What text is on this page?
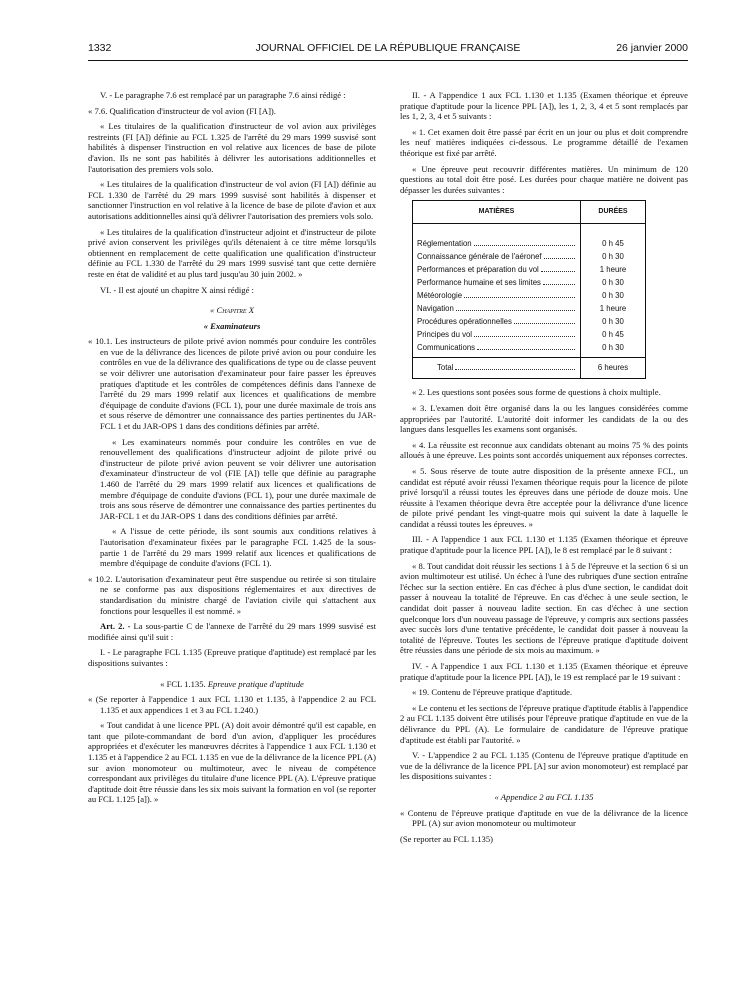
1332	JOURNAL OFFICIEL DE LA RÉPUBLIQUE FRANÇAISE	26 janvier 2000

V. - Le paragraphe 7.6 est remplacé par un paragraphe 7.6 ainsi rédigé :

« 7.6. Qualification d'instructeur de vol avion (FI [A]).

« Les titulaires de la qualification d'instructeur de vol avion aux privilèges restreints (FI [A]) définie au FCL 1.325 de l'arrêté du 29 mars 1999 susvisé sont habilités à dispenser l'instruction en vol relative aux licences de base de pilote d'avion. Ils ne sont pas habilités à délivrer les autorisations additionnelles et l'autorisation des premiers vols solo.

« Les titulaires de la qualification d'instructeur de vol avion (FI [A]) définie au FCL 1.330 de l'arrêté du 29 mars 1999 susvisé sont habilités à dispenser et sanctionner l'instruction en vol relative à la licence de base de pilote d'avion et aux autorisations additionnelles ainsi qu'à délivrer l'autorisation des premiers vols solo.

« Les titulaires de la qualification d'instructeur adjoint et d'instructeur de pilote privé avion conservent les privilèges qu'ils détenaient à ce titre même lorsqu'ils obtiennent en remplacement de cette qualification une qualification d'instructeur définie au FCL 1.330 de l'arrêté du 29 mars 1999 susvisé tant que cette dernière reste en état de validité et au plus tard jusqu'au 30 juin 2002. »

VI. - Il est ajouté un chapitre X ainsi rédigé :

« Chapitre X

« Examinateurs

« 10.1. Les instructeurs de pilote privé avion nommés pour conduire les contrôles en vue de la délivrance des licences de pilote privé avion ou pour conduire les contrôles en vue de la délivrance des qualifications de type ou de classe peuvent se voir délivrer une autorisation d'examinateur pour faire passer les épreuves pratiques d'aptitude et les contrôles de compétences définis dans l'annexe de l'arrêté du 29 mars 1999 relatif aux licences et qualifications de membre d'équipage de conduite d'avions (FCL 1), pour une durée maximale de trois ans et sous réserve de démontrer une connaissance des parties pertinentes du JAR-FCL 1 et du JAR-OPS 1 dans des conditions définies par arrêté.

« Les examinateurs nommés pour conduire les contrôles en vue de renouvellement des qualifications d'instructeur adjoint de pilote privé ou d'instructeur de pilote privé avion peuvent se voir délivrer une autorisation d'examinateur d'instructeur de vol (FIE [A]) telle que définie au paragraphe 1.460 de l'arrêté du 29 mars 1999 relatif aux licences et qualifications de membre d'équipage de conduite d'avions (FCL 1), pour une durée maximale de trois ans sous réserve de démontrer une connaissance des parties pertinentes du JAR-FCL 1 et du JAR-OPS 1 dans des conditions définies par arrêté.

« A l'issue de cette période, ils sont soumis aux conditions relatives à l'autorisation d'examinateur fixées par le paragraphe FCL 1.425 de la sous-partie 1 de l'arrêté du 29 mars 1999 relatif aux licences et qualifications de membre d'équipage de conduite d'avions (FCL 1).

« 10.2. L'autorisation d'examinateur peut être suspendue ou retirée si son titulaire ne se conforme pas aux dispositions réglementaires et aux directives de standardisation du ministre chargé de l'aviation civile qui s'attachent aux fonctions pour lesquelles il est nommé. »

Art. 2. - La sous-partie C de l'annexe de l'arrêté du 29 mars 1999 susvisé est modifiée ainsi qu'il suit :

I. - Le paragraphe FCL 1.135 (Epreuve pratique d'aptitude) est remplacé par les dispositions suivantes :

« FCL 1.135. Epreuve pratique d'aptitude

« (Se reporter à l'appendice 1 aux FCL 1.130 et 1.135, à l'appendice 2 au FCL 1.135 et aux appendices 1 et 3 au FCL 1.240.)

« Tout candidat à une licence PPL (A) doit avoir démontré qu'il est capable, en tant que pilote-commandant de bord d'un avion, d'appliquer les procédures appropriées et d'exécuter les manœuvres décrites à l'appendice 1 aux FCL 1.130 et 1.135 et à l'appendice 2 au FCL 1.135 en vue de la délivrance de la licence PPL (A) sur avion monomoteur ou multimoteur, avec le niveau de compétence correspondant aux privilèges du titulaire d'une licence PPL (A). L'épreuve pratique d'aptitude doit être réussie dans les six mois suivant la formation en vol (se reporter au FCL 1.125 [a]). »

II. - A l'appendice 1 aux FCL 1.130 et 1.135 (Examen théorique et épreuve pratique d'aptitude pour la licence PPL [A]), les 1, 2, 3, 4 et 5 sont remplacés par les 1, 2, 3, 4 et 5 suivants :

« 1. Cet examen doit être passé par écrit en un jour ou plus et doit comprendre les neuf matières indiquées ci-dessous. Le programme détaillé de l'examen théorique est fixé par arrêté.

« Une épreuve peut recouvrir différentes matières. Un minimum de 120 questions au total doit être posé. Les durées pour chaque matière ne doivent pas dépasser les durées suivantes :

MATIÈRES	DURÉES

Réglementation	0 h 45

Connaissance générale de l'aéronef	0 h 30

Performances et préparation du vol	1 heure

Performance humaine et ses limites	0 h 30

Météorologie	0 h 30

Navigation	1 heure

Procédures opérationnelles	0 h 30

Principes du vol	0 h 45

Communications	0 h 30

Total	6 heures

« 2. Les questions sont posées sous forme de questions à choix multiple.

« 3. L'examen doit être organisé dans la ou les langues considérées comme appropriées par l'autorité. L'autorité doit informer les candidats de la ou des langues dans lesquelles les examens sont organisés.

« 4. La réussite est reconnue aux candidats obtenant au moins 75 % des points alloués à une épreuve. Les points sont accordés uniquement aux réponses correctes.

« 5. Sous réserve de toute autre disposition de la présente annexe FCL, un candidat est réputé avoir réussi l'examen théorique requis pour la licence de pilote privé lorsqu'il a réussi toutes les épreuves dans une période de douze mois. Une réussite à l'examen théorique devra être acceptée pour la délivrance d'une licence de pilote privé pendant les vingt-quatre mois qui suivent la date à laquelle le candidat a réussi toutes les épreuves. »

III. - A l'appendice 1 aux FCL 1.130 et 1.135 (Examen théorique et épreuve pratique d'aptitude pour la licence PPL [A]), le 8 est remplacé par le 8 suivant :

« 8. Tout candidat doit réussir les sections 1 à 5 de l'épreuve et la section 6 si un avion multimoteur est utilisé. Un échec à l'une des rubriques d'une section entraîne l'échec sur la section entière. En cas d'échec à plus d'une section, le candidat doit passer à nouveau la totalité de l'épreuve. En cas d'échec à une seule section, le candidat doit passer à nouveau ladite section. En cas d'échec à une section quelconque lors d'un nouveau passage de l'épreuve, y compris aux sections passées avec succès lors d'une tentative précédente, le candidat doit passer à nouveau la totalité de l'épreuve. Toutes les sections de l'épreuve pratique d'aptitude doivent être réussies dans une période de six mois au maximum. »

IV. - A l'appendice 1 aux FCL 1.130 et 1.135 (Examen théorique et épreuve pratique d'aptitude pour la licence PPL [A]), le 19 est remplacé par le 19 suivant :

« 19. Contenu de l'épreuve pratique d'aptitude.

« Le contenu et les sections de l'épreuve pratique d'aptitude établis à l'appendice 2 au FCL 1.135 doivent être utilisés pour l'épreuve pratique d'aptitude en vue de la délivrance du PPL (A). Le formulaire de candidature de l'épreuve pratique d'aptitude est établi par l'autorité. »

V. - L'appendice 2 au FCL 1.135 (Contenu de l'épreuve pratique d'aptitude en vue de la délivrance de la licence PPL [A] sur avion monomoteur) est remplacé par les dispositions suivantes :

« Appendice 2 au FCL 1.135

« Contenu de l'épreuve pratique d'aptitude en vue de la délivrance de la licence PPL (A) sur avion monomoteur ou multimoteur

(Se reporter au FCL 1.135)
